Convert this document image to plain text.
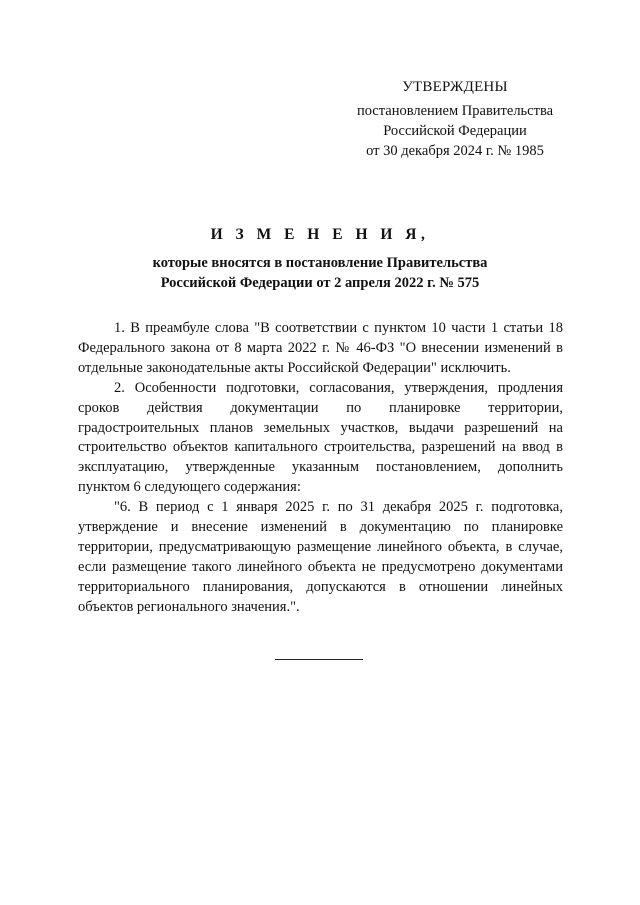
УТВЕРЖДЕНЫ
постановлением Правительства
Российской Федерации
от 30 декабря 2024 г. № 1985
И З М Е Н Е Н И Я,
которые вносятся в постановление Правительства
Российской Федерации от 2 апреля 2022 г. № 575

1. В преамбуле слова "В соответствии с пунктом 10 части 1 статьи 18 Федерального закона от 8 марта 2022 г. № 46-ФЗ "О внесении изменений в отдельные законодательные акты Российской Федерации" исключить.

2. Особенности подготовки, согласования, утверждения, продления сроков действия документации по планировке территории, градостроительных планов земельных участков, выдачи разрешений на строительство объектов капитального строительства, разрешений на ввод в эксплуатацию, утвержденные указанным постановлением, дополнить пунктом 6 следующего содержания:

"6. В период с 1 января 2025 г. по 31 декабря 2025 г. подготовка, утверждение и внесение изменений в документацию по планировке территории, предусматривающую размещение линейного объекта, в случае, если размещение такого линейного объекта не предусмотрено документами территориального планирования, допускаются в отношении линейных объектов регионального значения.".
